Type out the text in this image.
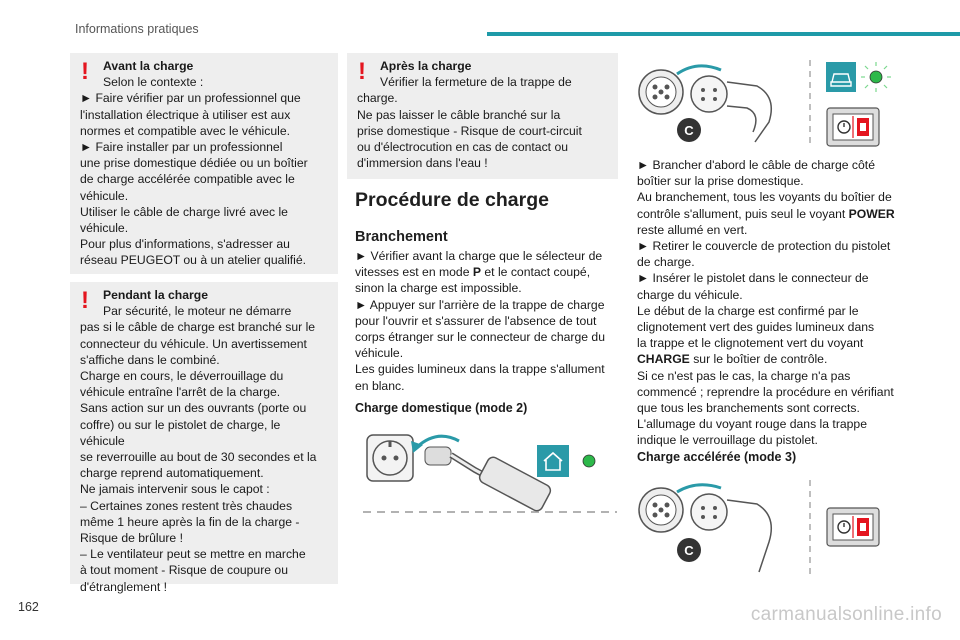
Informations pratiques
!	Avant la charge
Selon le contexte :
► Faire vérifier par un professionnel que
l'installation électrique à utiliser est aux
normes et compatible avec le véhicule.
► Faire installer par un professionnel
une prise domestique dédiée ou un boîtier
de charge accélérée compatible avec le
véhicule.
Utiliser le câble de charge livré avec le
véhicule.
Pour plus d'informations, s'adresser au
réseau PEUGEOT ou à un atelier qualifié.
!	Pendant la charge
Par sécurité, le moteur ne démarre
pas si le câble de charge est branché sur le
connecteur du véhicule. Un avertissement
s'affiche dans le combiné.
Charge en cours, le déverrouillage du
véhicule entraîne l'arrêt de la charge.
Sans action sur un des ouvrants (porte ou
coffre) ou sur le pistolet de charge, le véhicule
se reverrouille au bout de 30 secondes et la
charge reprend automatiquement.
Ne jamais intervenir sous le capot :
– Certaines zones restent très chaudes
même 1 heure après la fin de la charge -
Risque de brûlure !
– Le ventilateur peut se mettre en marche
à tout moment - Risque de coupure ou
d'étranglement !
!	Après la charge
Vérifier la fermeture de la trappe de
charge.
Ne pas laisser le câble branché sur la
prise domestique - Risque de court-circuit
ou d'électrocution en cas de contact ou
d'immersion dans l'eau !
Procédure de charge
Branchement
► Vérifier avant la charge que le sélecteur de
vitesses est en mode P et le contact coupé,
sinon la charge est impossible.
► Appuyer sur l'arrière de la trappe de charge
pour l'ouvrir et s'assurer de l'absence de tout
corps étranger sur le connecteur de charge du
véhicule.
Les guides lumineux dans la trappe s'allument
en blanc.
Charge domestique (mode 2)
C
► Brancher d'abord le câble de charge côté
boîtier sur la prise domestique.
Au branchement, tous les voyants du boîtier de
contrôle s'allument, puis seul le voyant POWER
reste allumé en vert.
► Retirer le couvercle de protection du pistolet
de charge.
► Insérer le pistolet dans le connecteur de
charge du véhicule.
Le début de la charge est confirmé par le
clignotement vert des guides lumineux dans
la trappe et le clignotement vert du voyant
CHARGE sur le boîtier de contrôle.
Si ce n'est pas le cas, la charge n'a pas
commencé ; reprendre la procédure en vérifiant
que tous les branchements sont corrects.
L'allumage du voyant rouge dans la trappe
indique le verrouillage du pistolet.
Charge accélérée (mode 3)
C
162	carmanualsonline.info
